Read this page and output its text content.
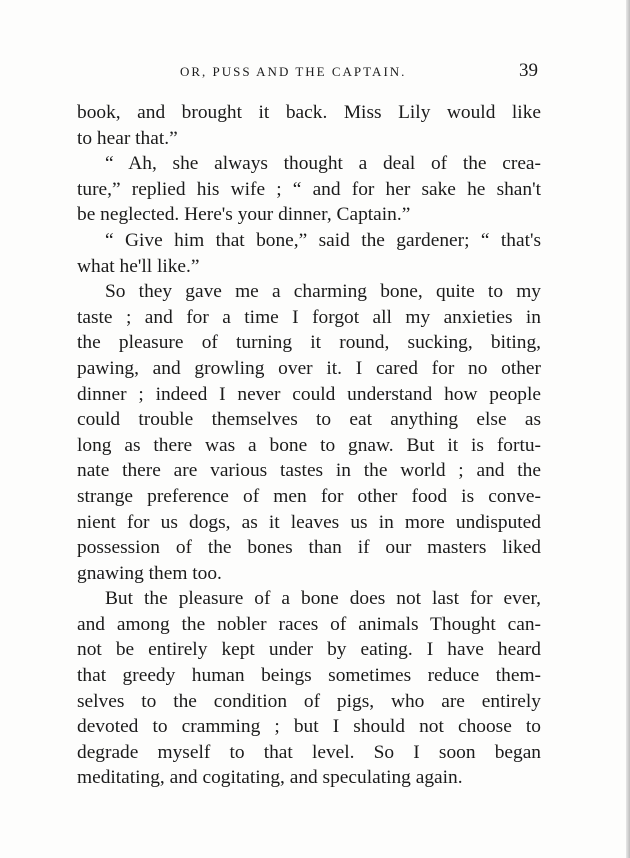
OR, PUSS AND THE CAPTAIN.	39
book, and brought it back. Miss Lily would like
to hear that.”
“ Ah, she always thought a deal of the crea-
ture,” replied his wife ; “ and for her sake he shan't
be neglected. Here's your dinner, Captain.”
“ Give him that bone,” said the gardener; “ that's
what he'll like.”
So they gave me a charming bone, quite to my
taste ; and for a time I forgot all my anxieties in
the pleasure of turning it round, sucking, biting,
pawing, and growling over it. I cared for no other
dinner ; indeed I never could understand how people
could trouble themselves to eat anything else as
long as there was a bone to gnaw. But it is fortu-
nate there are various tastes in the world ; and the
strange preference of men for other food is conve-
nient for us dogs, as it leaves us in more undisputed
possession of the bones than if our masters liked
gnawing them too.
But the pleasure of a bone does not last for ever,
and among the nobler races of animals Thought can-
not be entirely kept under by eating. I have heard
that greedy human beings sometimes reduce them-
selves to the condition of pigs, who are entirely
devoted to cramming ; but I should not choose to
degrade myself to that level. So I soon began
meditating, and cogitating, and speculating again.
